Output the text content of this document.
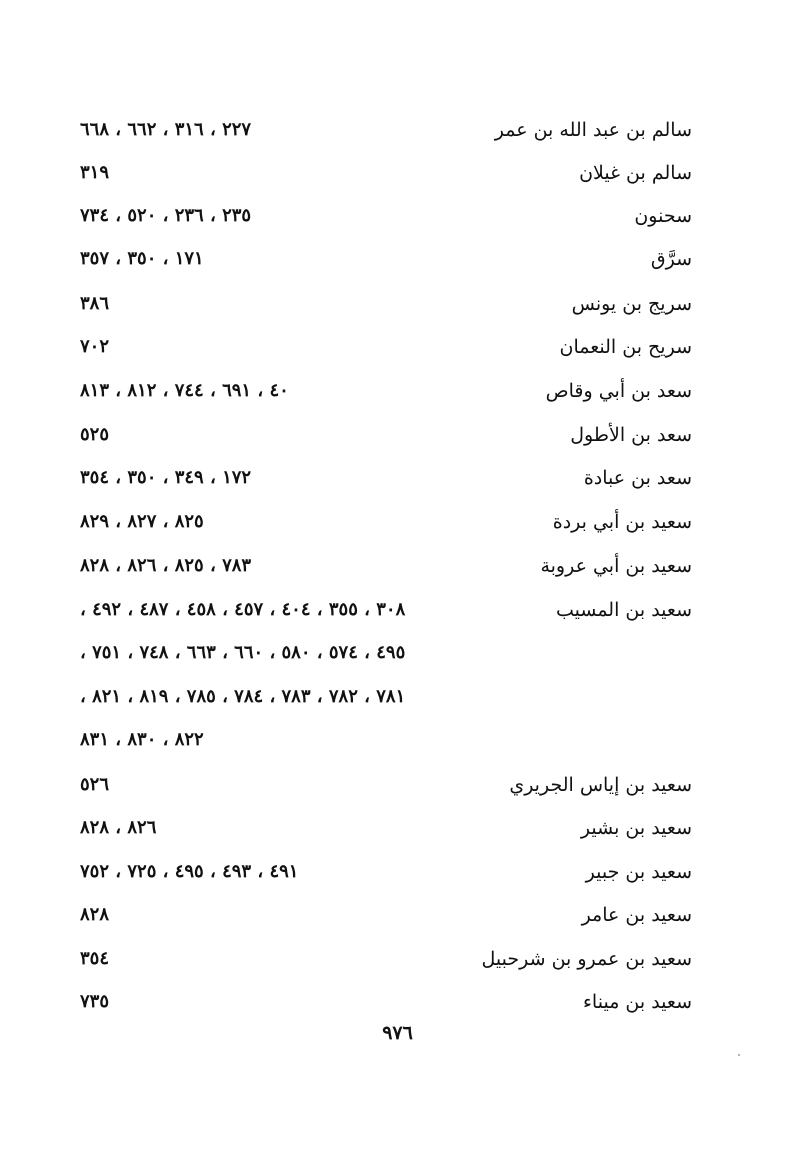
سالم بن عبد الله بن عمر
٢٢٧ ، ٣١٦ ، ٦٦٢ ، ٦٦٨
سالم بن غيلان
٣١٩
سحنون
٢٣٥ ، ٢٣٦ ، ٥٢٠ ، ٧٣٤
سرَّق
١٧١ ، ٣٥٠ ، ٣٥٧
سريج بن يونس
٣٨٦
سريح بن النعمان
٧٠٢
سعد بن أبي وقاص
٤٠ ، ٦٩١ ، ٧٤٤ ، ٨١٢ ، ٨١٣
سعد بن الأطول
٥٢٥
سعد بن عبادة
١٧٢ ، ٣٤٩ ، ٣٥٠ ، ٣٥٤
سعيد بن أبي بردة
٨٢٥ ، ٨٢٧ ، ٨٢٩
سعيد بن أبي عروبة
٧٨٣ ، ٨٢٥ ، ٨٢٦ ، ٨٢٨
سعيد بن المسيب
٣٠٨ ، ٣٥٥ ، ٤٠٤ ، ٤٥٧ ، ٤٥٨ ، ٤٨٧ ، ٤٩٢ ،
٤٩٥ ، ٥٧٤ ، ٥٨٠ ، ٦٦٠ ، ٦٦٣ ، ٧٤٨ ، ٧٥١ ،
٧٨١ ، ٧٨٢ ، ٧٨٣ ، ٧٨٤ ، ٧٨٥ ، ٨١٩ ، ٨٢١ ،
٨٢٢ ، ٨٣٠ ، ٨٣١
سعيد بن إياس الجريري
٥٢٦
سعيد بن بشير
٨٢٦ ، ٨٢٨
سعيد بن جبير
٤٩١ ، ٤٩٣ ، ٤٩٥ ، ٧٢٥ ، ٧٥٢
سعيد بن عامر
٨٢٨
سعيد بن عمرو بن شرحبيل
٣٥٤
سعيد بن ميناء
٧٣٥
٩٧٦
